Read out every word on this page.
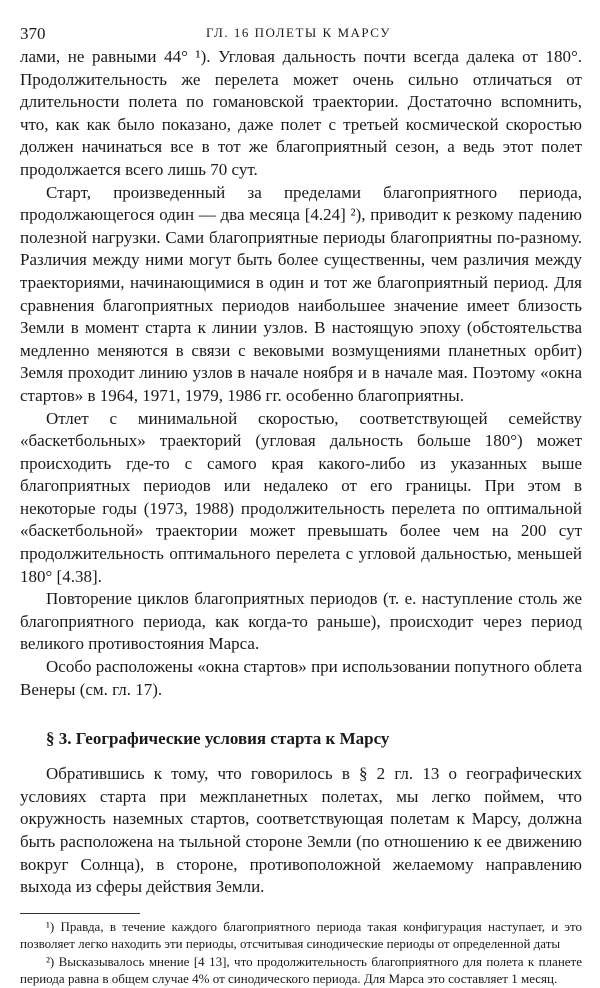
370	ГЛ. 16 ПОЛЕТЫ К МАРСУ

лами, не равными 44° ¹). Угловая дальность почти всегда далека от 180°. Продолжительность же перелета может очень сильно отличаться от длительности полета по гомановской траектории. Достаточно вспомнить, что, как как было показано, даже полет с третьей космической скоростью должен начинаться все в тот же благоприятный сезон, а ведь этот полет продолжается всего лишь 70 сут.

Старт, произведенный за пределами благоприятного периода, продолжающегося один — два месяца [4.24] ²), приводит к резкому падению полезной нагрузки. Сами благоприятные периоды благоприятны по-разному. Различия между ними могут быть более существенны, чем различия между траекториями, начинающимися в один и тот же благоприятный период. Для сравнения благоприятных периодов наибольшее значение имеет близость Земли в момент старта к линии узлов. В настоящую эпоху (обстоятельства медленно меняются в связи с вековыми возмущениями планетных орбит) Земля проходит линию узлов в начале ноября и в начале мая. Поэтому «окна стартов» в 1964, 1971, 1979, 1986 гг. особенно благоприятны.

Отлет с минимальной скоростью, соответствующей семейству «баскетбольных» траекторий (угловая дальность больше 180°) может происходить где-то с самого края какого-либо из указанных выше благоприятных периодов или недалеко от его границы. При этом в некоторые годы (1973, 1988) продолжительность перелета по оптимальной «баскетбольной» траектории может превышать более чем на 200 сут продолжительность оптимального перелета с угловой дальностью, меньшей 180° [4.38].

Повторение циклов благоприятных периодов (т. е. наступление столь же благоприятного периода, как когда-то раньше), происходит через период великого противостояния Марса.

Особо расположены «окна стартов» при использовании попутного облета Венеры (см. гл. 17).

§ 3. Географические условия старта к Марсу

Обратившись к тому, что говорилось в § 2 гл. 13 о географических условиях старта при межпланетных полетах, мы легко поймем, что окружность наземных стартов, соответствующая полетам к Марсу, должна быть расположена на тыльной стороне Земли (по отношению к ее движению вокруг Солнца), в стороне, противоположной желаемому направлению выхода из сферы действия Земли.

¹) Правда, в течение каждого благоприятного периода такая конфигурация наступает, и это позволяет легко находить эти периоды, отсчитывая синодические периоды от определенной даты

²) Высказывалось мнение [4 13], что продолжительность благоприятного для полета к планете периода равна в общем случае 4% от синодического периода. Для Марса это составляет 1 месяц.
